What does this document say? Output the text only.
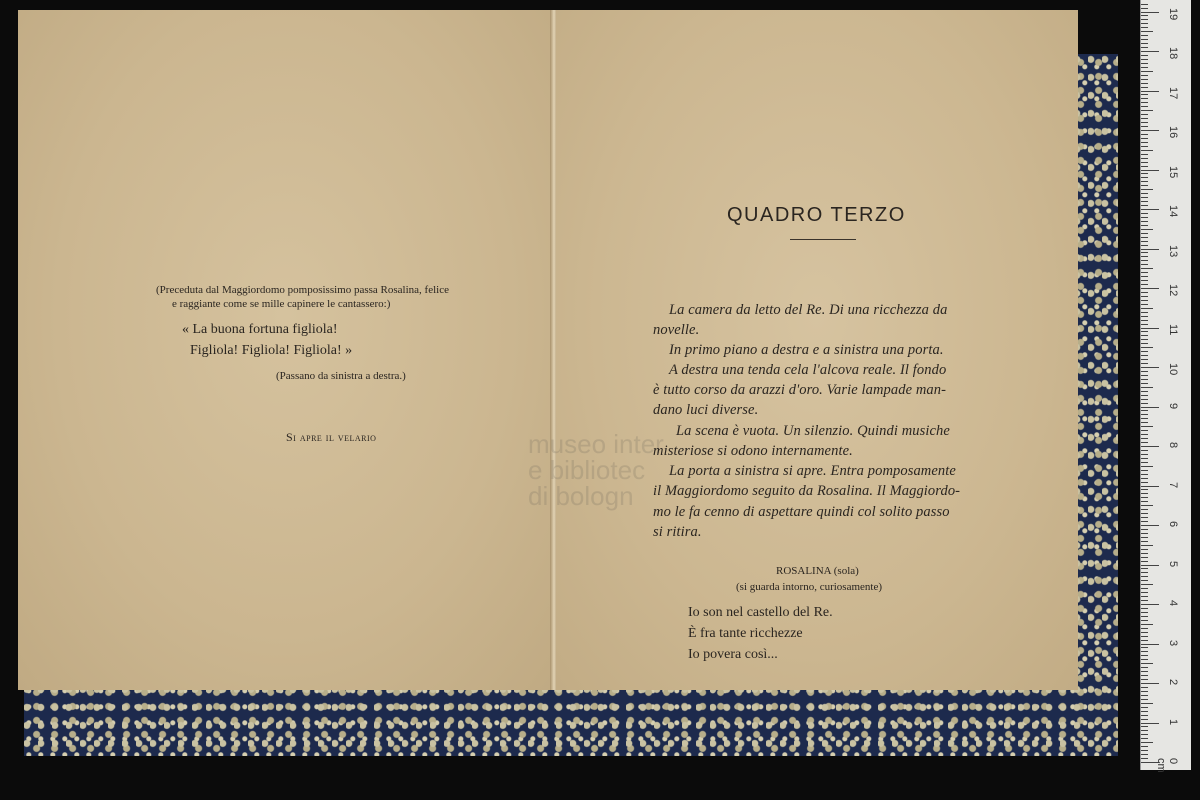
museo inter
e bibliotec
di bologn
(Preceduta dal Maggiordomo pomposissimo passa Rosalina, felice
e raggiante come se mille capinere le cantassero:)
« La buona fortuna figliola!
Figliola! Figliola! Figliola! »
(Passano da sinistra a destra.)
Si apre il velario
QUADRO TERZO
La camera da letto del Re. Di una ricchezza da
novelle.
In primo piano a destra e a sinistra una porta.
A destra una tenda cela l'alcova reale. Il fondo
è tutto corso da arazzi d'oro. Varie lampade man-
dano luci diverse.
La scena è vuota. Un silenzio. Quindi musiche
misteriose si odono internamente.
La porta a sinistra si apre. Entra pomposamente
il Maggiordomo seguito da Rosalina. Il Maggiordo-
mo le fa cenno di aspettare quindi col solito passo
si ritira.
ROSALINA (sola)
(si guarda intorno, curiosamente)
Io son nel castello del Re.
È fra tante ricchezze
Io povera così...
0 cm
1
2
3
4
5
6
7
8
9
10
11
12
13
14
15
16
17
18
19
